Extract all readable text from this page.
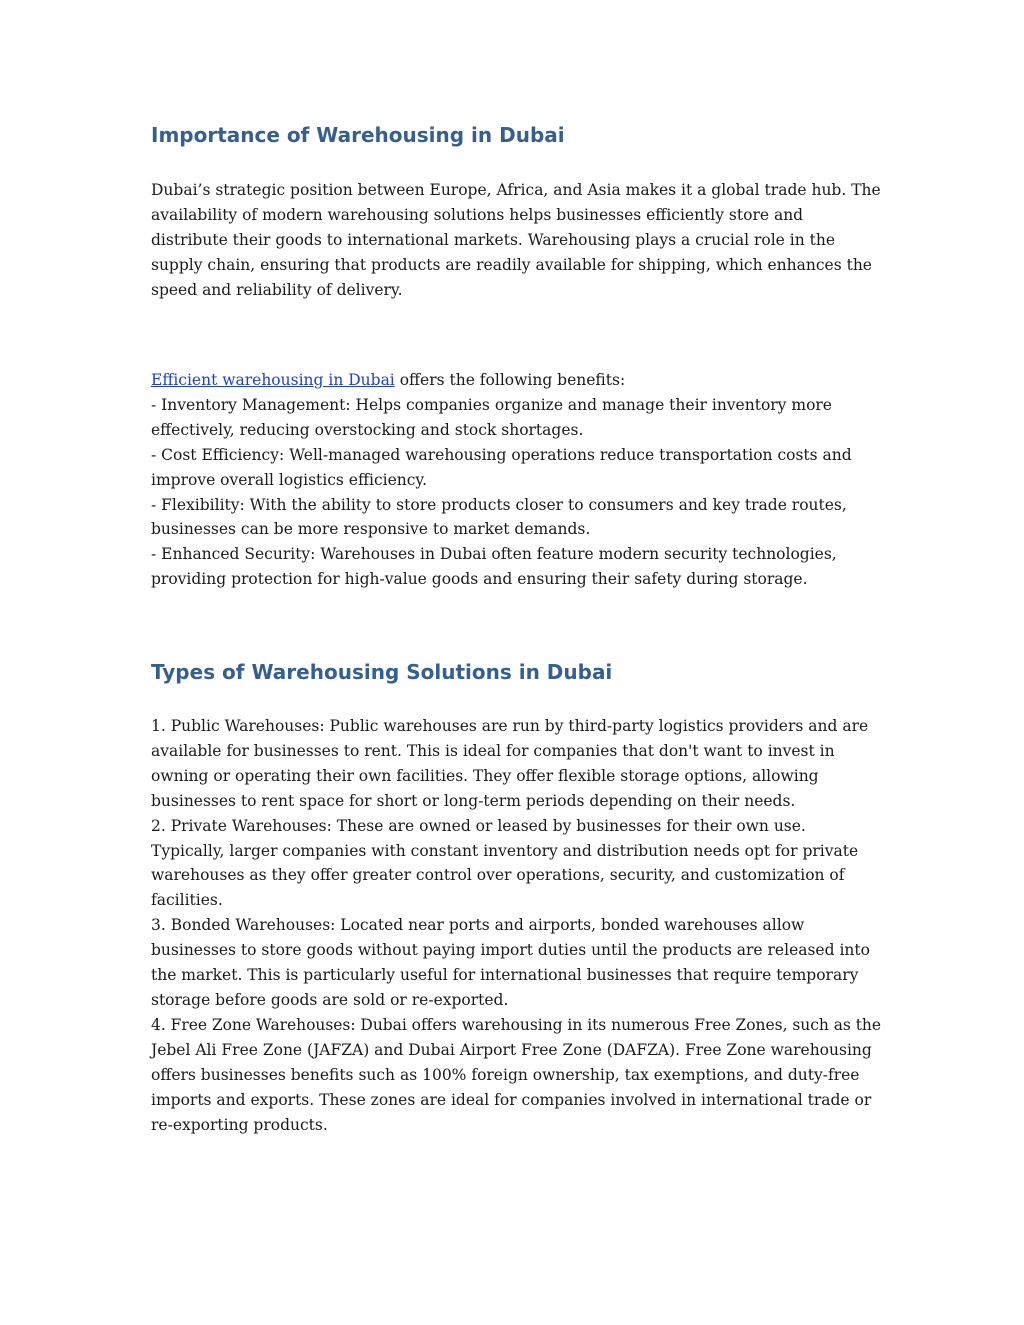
Importance of Warehousing in Dubai
Dubai’s strategic position between Europe, Africa, and Asia makes it a global trade hub. The
availability of modern warehousing solutions helps businesses efficiently store and
distribute their goods to international markets. Warehousing plays a crucial role in the
supply chain, ensuring that products are readily available for shipping, which enhances the
speed and reliability of delivery.
Efficient warehousing in Dubai offers the following benefits:
- Inventory Management: Helps companies organize and manage their inventory more
effectively, reducing overstocking and stock shortages.
- Cost Efficiency: Well-managed warehousing operations reduce transportation costs and
improve overall logistics efficiency.
- Flexibility: With the ability to store products closer to consumers and key trade routes,
businesses can be more responsive to market demands.
- Enhanced Security: Warehouses in Dubai often feature modern security technologies,
providing protection for high-value goods and ensuring their safety during storage.
Types of Warehousing Solutions in Dubai
1. Public Warehouses: Public warehouses are run by third-party logistics providers and are
available for businesses to rent. This is ideal for companies that don't want to invest in
owning or operating their own facilities. They offer flexible storage options, allowing
businesses to rent space for short or long-term periods depending on their needs.
2. Private Warehouses: These are owned or leased by businesses for their own use.
Typically, larger companies with constant inventory and distribution needs opt for private
warehouses as they offer greater control over operations, security, and customization of
facilities.
3. Bonded Warehouses: Located near ports and airports, bonded warehouses allow
businesses to store goods without paying import duties until the products are released into
the market. This is particularly useful for international businesses that require temporary
storage before goods are sold or re-exported.
4. Free Zone Warehouses: Dubai offers warehousing in its numerous Free Zones, such as the
Jebel Ali Free Zone (JAFZA) and Dubai Airport Free Zone (DAFZA). Free Zone warehousing
offers businesses benefits such as 100% foreign ownership, tax exemptions, and duty-free
imports and exports. These zones are ideal for companies involved in international trade or
re-exporting products.
